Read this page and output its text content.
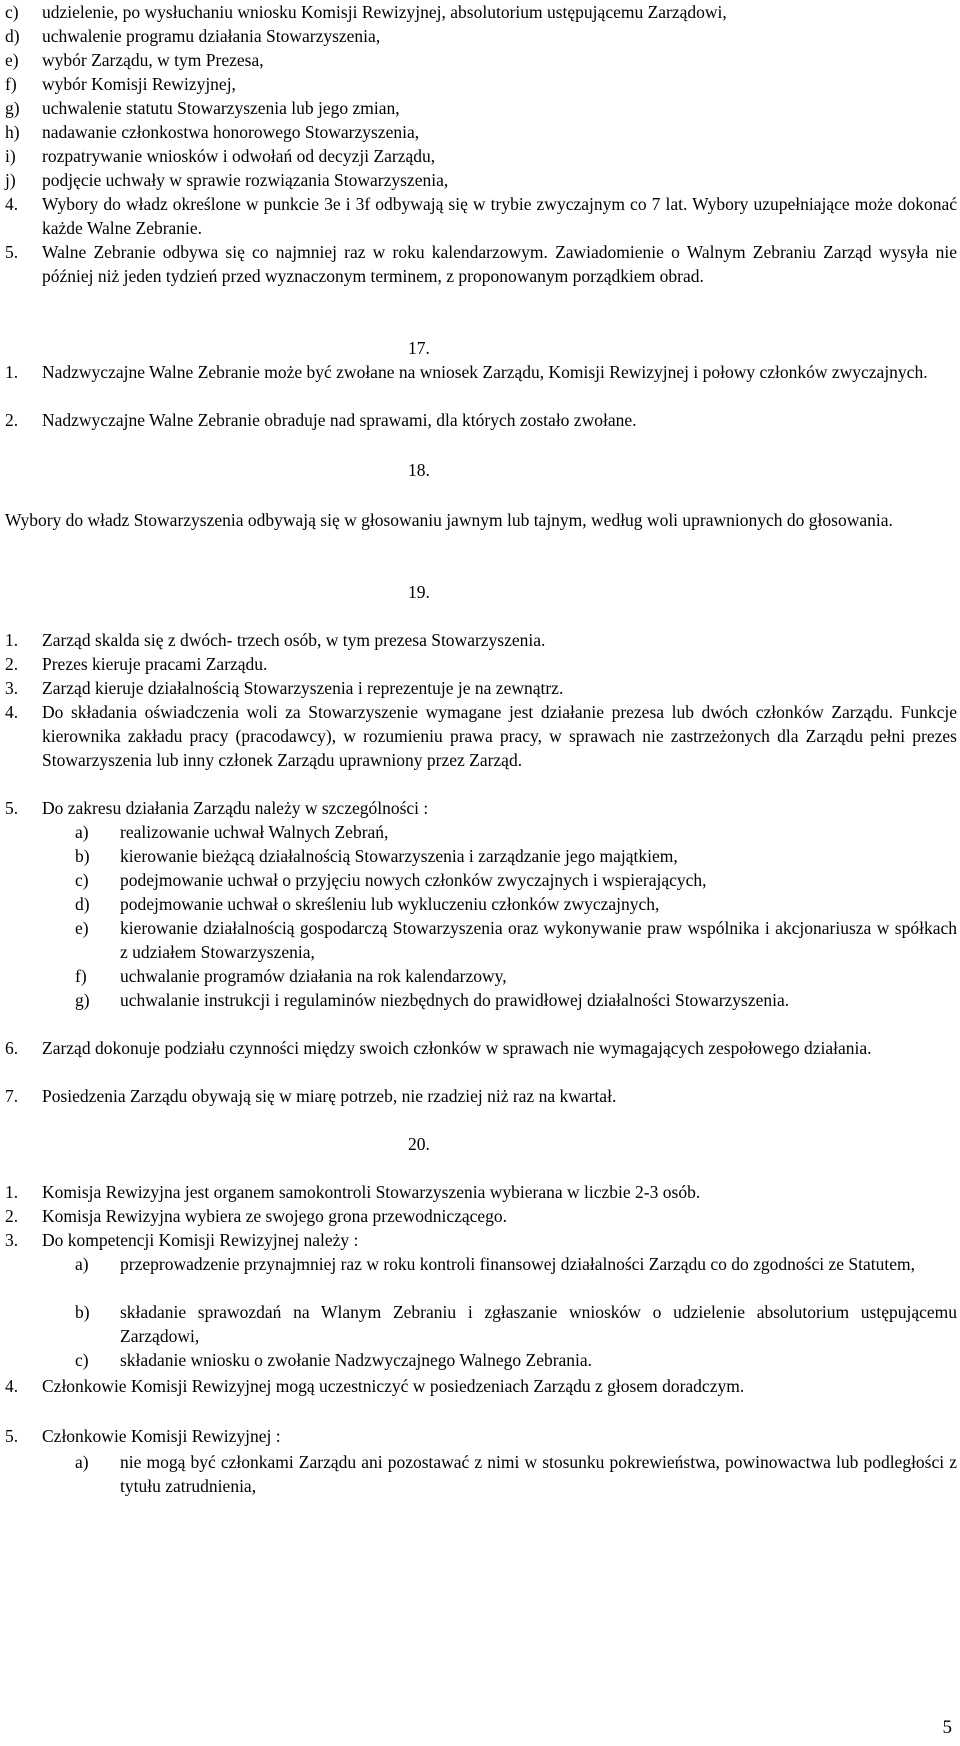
c) udzielenie, po wysłuchaniu wniosku Komisji Rewizyjnej, absolutorium ustępującemu Zarządowi,
d) uchwalenie programu działania Stowarzyszenia,
e) wybór Zarządu, w tym Prezesa,
f) wybór Komisji Rewizyjnej,
g) uchwalenie statutu Stowarzyszenia lub jego zmian,
h) nadawanie członkostwa honorowego Stowarzyszenia,
i) rozpatrywanie wniosków i odwołań od decyzji Zarządu,
j) podjęcie uchwały w sprawie rozwiązania Stowarzyszenia,
4. Wybory do władz określone w punkcie 3e i 3f odbywają się w trybie zwyczajnym co 7 lat. Wybory uzupełniające może dokonać każde Walne Zebranie.
5. Walne Zebranie odbywa się co najmniej raz w roku kalendarzowym. Zawiadomienie o Walnym Zebraniu Zarząd wysyła nie później niż jeden tydzień przed wyznaczonym terminem, z proponowanym porządkiem obrad.
17.
1. Nadzwyczajne Walne Zebranie może być zwołane na wniosek Zarządu, Komisji Rewizyjnej i połowy członków zwyczajnych.
2. Nadzwyczajne Walne Zebranie obraduje nad sprawami, dla których zostało zwołane.
18.
Wybory do władz Stowarzyszenia odbywają się w głosowaniu jawnym lub tajnym, według woli uprawnionych do głosowania.
19.
1. Zarząd skalda się z dwóch- trzech osób, w tym prezesa Stowarzyszenia.
2. Prezes kieruje pracami Zarządu.
3. Zarząd kieruje działalnością Stowarzyszenia i reprezentuje je na zewnątrz.
4. Do składania oświadczenia woli za Stowarzyszenie wymagane jest działanie prezesa lub dwóch członków Zarządu. Funkcje kierownika zakładu pracy (pracodawcy), w rozumieniu prawa pracy, w sprawach nie zastrzeżonych dla Zarządu pełni prezes Stowarzyszenia lub inny członek Zarządu uprawniony przez Zarząd.
5. Do zakresu działania Zarządu należy w szczególności :
a) realizowanie uchwał Walnych Zebrań,
b) kierowanie bieżącą działalnością Stowarzyszenia i zarządzanie jego majątkiem,
c) podejmowanie uchwał o przyjęciu nowych członków zwyczajnych i wspierających,
d) podejmowanie uchwał o skreśleniu lub wykluczeniu członków zwyczajnych,
e) kierowanie działalnością gospodarczą Stowarzyszenia oraz wykonywanie praw wspólnika i akcjonariusza w spółkach z udziałem Stowarzyszenia,
f) uchwalanie programów działania na rok kalendarzowy,
g) uchwalanie instrukcji i regulaminów niezbędnych do prawidłowej działalności Stowarzyszenia.
6. Zarząd dokonuje podziału czynności między swoich członków w sprawach nie wymagających zespołowego działania.
7. Posiedzenia Zarządu obywają się w miarę potrzeb, nie rzadziej niż raz na kwartał.
20.
1. Komisja Rewizyjna jest organem samokontroli Stowarzyszenia wybierana w liczbie 2-3 osób.
2. Komisja Rewizyjna wybiera ze swojego grona przewodniczącego.
3. Do kompetencji Komisji Rewizyjnej należy :
a) przeprowadzenie przynajmniej raz w roku kontroli finansowej działalności Zarządu co do zgodności ze Statutem,
b) składanie sprawozdań na Wlanym Zebraniu i zgłaszanie wniosków o udzielenie absolutorium ustępującemu Zarządowi,
c) składanie wniosku o zwołanie Nadzwyczajnego Walnego Zebrania.
4. Członkowie Komisji Rewizyjnej mogą uczestniczyć w posiedzeniach Zarządu z głosem doradczym.
5. Członkowie Komisji Rewizyjnej :
a) nie mogą być członkami Zarządu ani pozostawać z nimi w stosunku pokrewieństwa, powinowactwa lub podległości z tytułu zatrudnienia,
5
